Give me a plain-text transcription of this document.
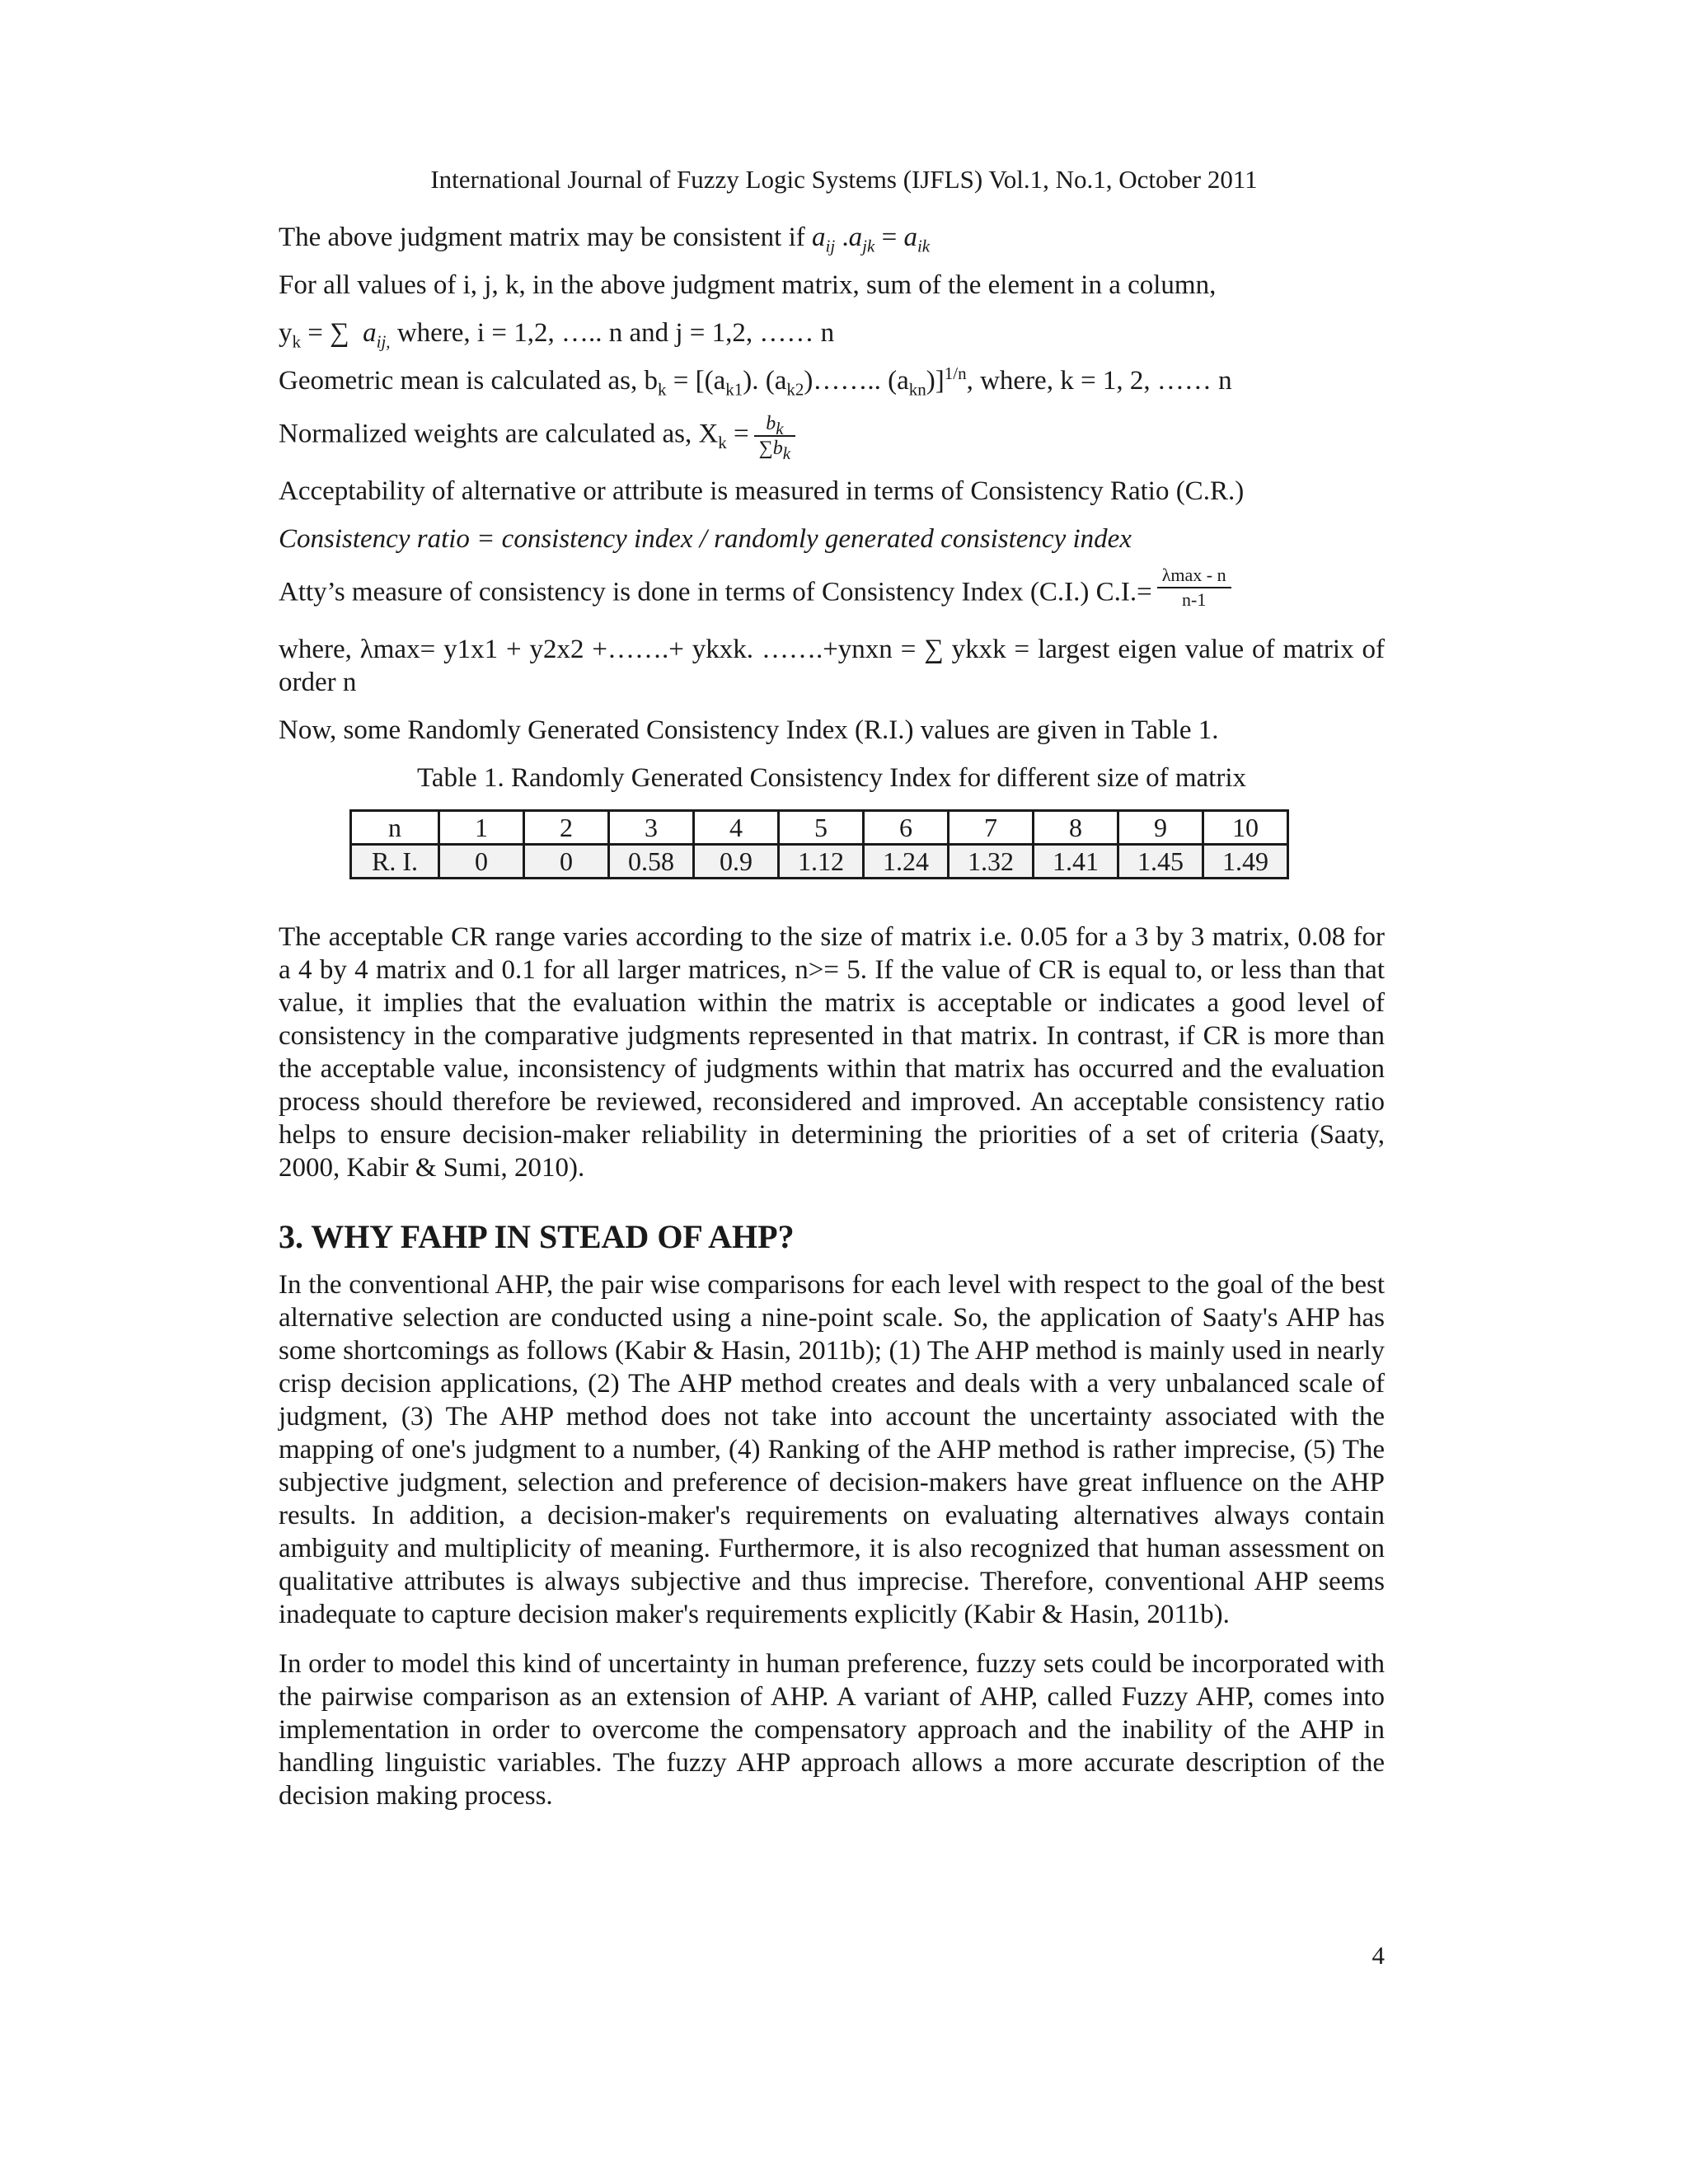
International Journal of Fuzzy Logic Systems (IJFLS) Vol.1, No.1, October 2011

The above judgment matrix may be consistent if $a_{ij}$ $.a_{jk} = a_{ik}$

For all values of i, j, k, in the above judgment matrix, sum of the element in a column,

$y_k$ = ∑  $a_{ij,}$ where, i = 1,2, ….. n and j = 1,2, …… n

Geometric mean is calculated as, $b_k = [(a_{k1})$. $(a_{k2})\dots\dots$.. $(a_{kn})]^{1/n}$, where, k = 1, 2, …… n

Normalized weights are calculated as, $X_k = \frac{b_k}{\sum b_k}$

Acceptability of alternative or attribute is measured in terms of Consistency Ratio (C.R.)

Consistency ratio = consistency index / randomly generated consistency index

Atty’s measure of consistency is done in terms of Consistency Index (C.I.) $C.I.= \frac{\lambda\max - n}{n-1}$

where, λmax= y1x1 + y2x2 +…….+ ykxk. …….+ynxn = ∑ ykxk = largest eigen value of matrix of order n

Now, some Randomly Generated Consistency Index (R.I.) values are given in Table 1.

Table 1. Randomly Generated Consistency Index for different size of matrix

n	1	2	3	4	5	6	7	8	9	10
R. I.	0	0	0.58	0.9	1.12	1.24	1.32	1.41	1.45	1.49

The acceptable CR range varies according to the size of matrix i.e. 0.05 for a 3 by 3 matrix, 0.08 for a 4 by 4 matrix and 0.1 for all larger matrices, n>= 5. If the value of CR is equal to, or less than that value, it implies that the evaluation within the matrix is acceptable or indicates a good level of consistency in the comparative judgments represented in that matrix. In contrast, if CR is more than the acceptable value, inconsistency of judgments within that matrix has occurred and the evaluation process should therefore be reviewed, reconsidered and improved. An acceptable consistency ratio helps to ensure decision-maker reliability in determining the priorities of a set of criteria (Saaty, 2000, Kabir & Sumi, 2010).

3. WHY FAHP IN STEAD OF AHP?

In the conventional AHP, the pair wise comparisons for each level with respect to the goal of the best alternative selection are conducted using a nine-point scale. So, the application of Saaty's AHP has some shortcomings as follows (Kabir & Hasin, 2011b); (1) The AHP method is mainly used in nearly crisp decision applications, (2) The AHP method creates and deals with a very unbalanced scale of judgment, (3) The AHP method does not take into account the uncertainty associated with the mapping of one's judgment to a number, (4) Ranking of the AHP method is rather imprecise, (5) The subjective judgment, selection and preference of decision-makers have great influence on the AHP results. In addition, a decision-maker's requirements on evaluating alternatives always contain ambiguity and multiplicity of meaning. Furthermore, it is also recognized that human assessment on qualitative attributes is always subjective and thus imprecise. Therefore, conventional AHP seems inadequate to capture decision maker's requirements explicitly (Kabir & Hasin, 2011b).

In order to model this kind of uncertainty in human preference, fuzzy sets could be incorporated with the pairwise comparison as an extension of AHP. A variant of AHP, called Fuzzy AHP, comes into implementation in order to overcome the compensatory approach and the inability of the AHP in handling linguistic variables. The fuzzy AHP approach allows a more accurate description of the decision making process.

4
